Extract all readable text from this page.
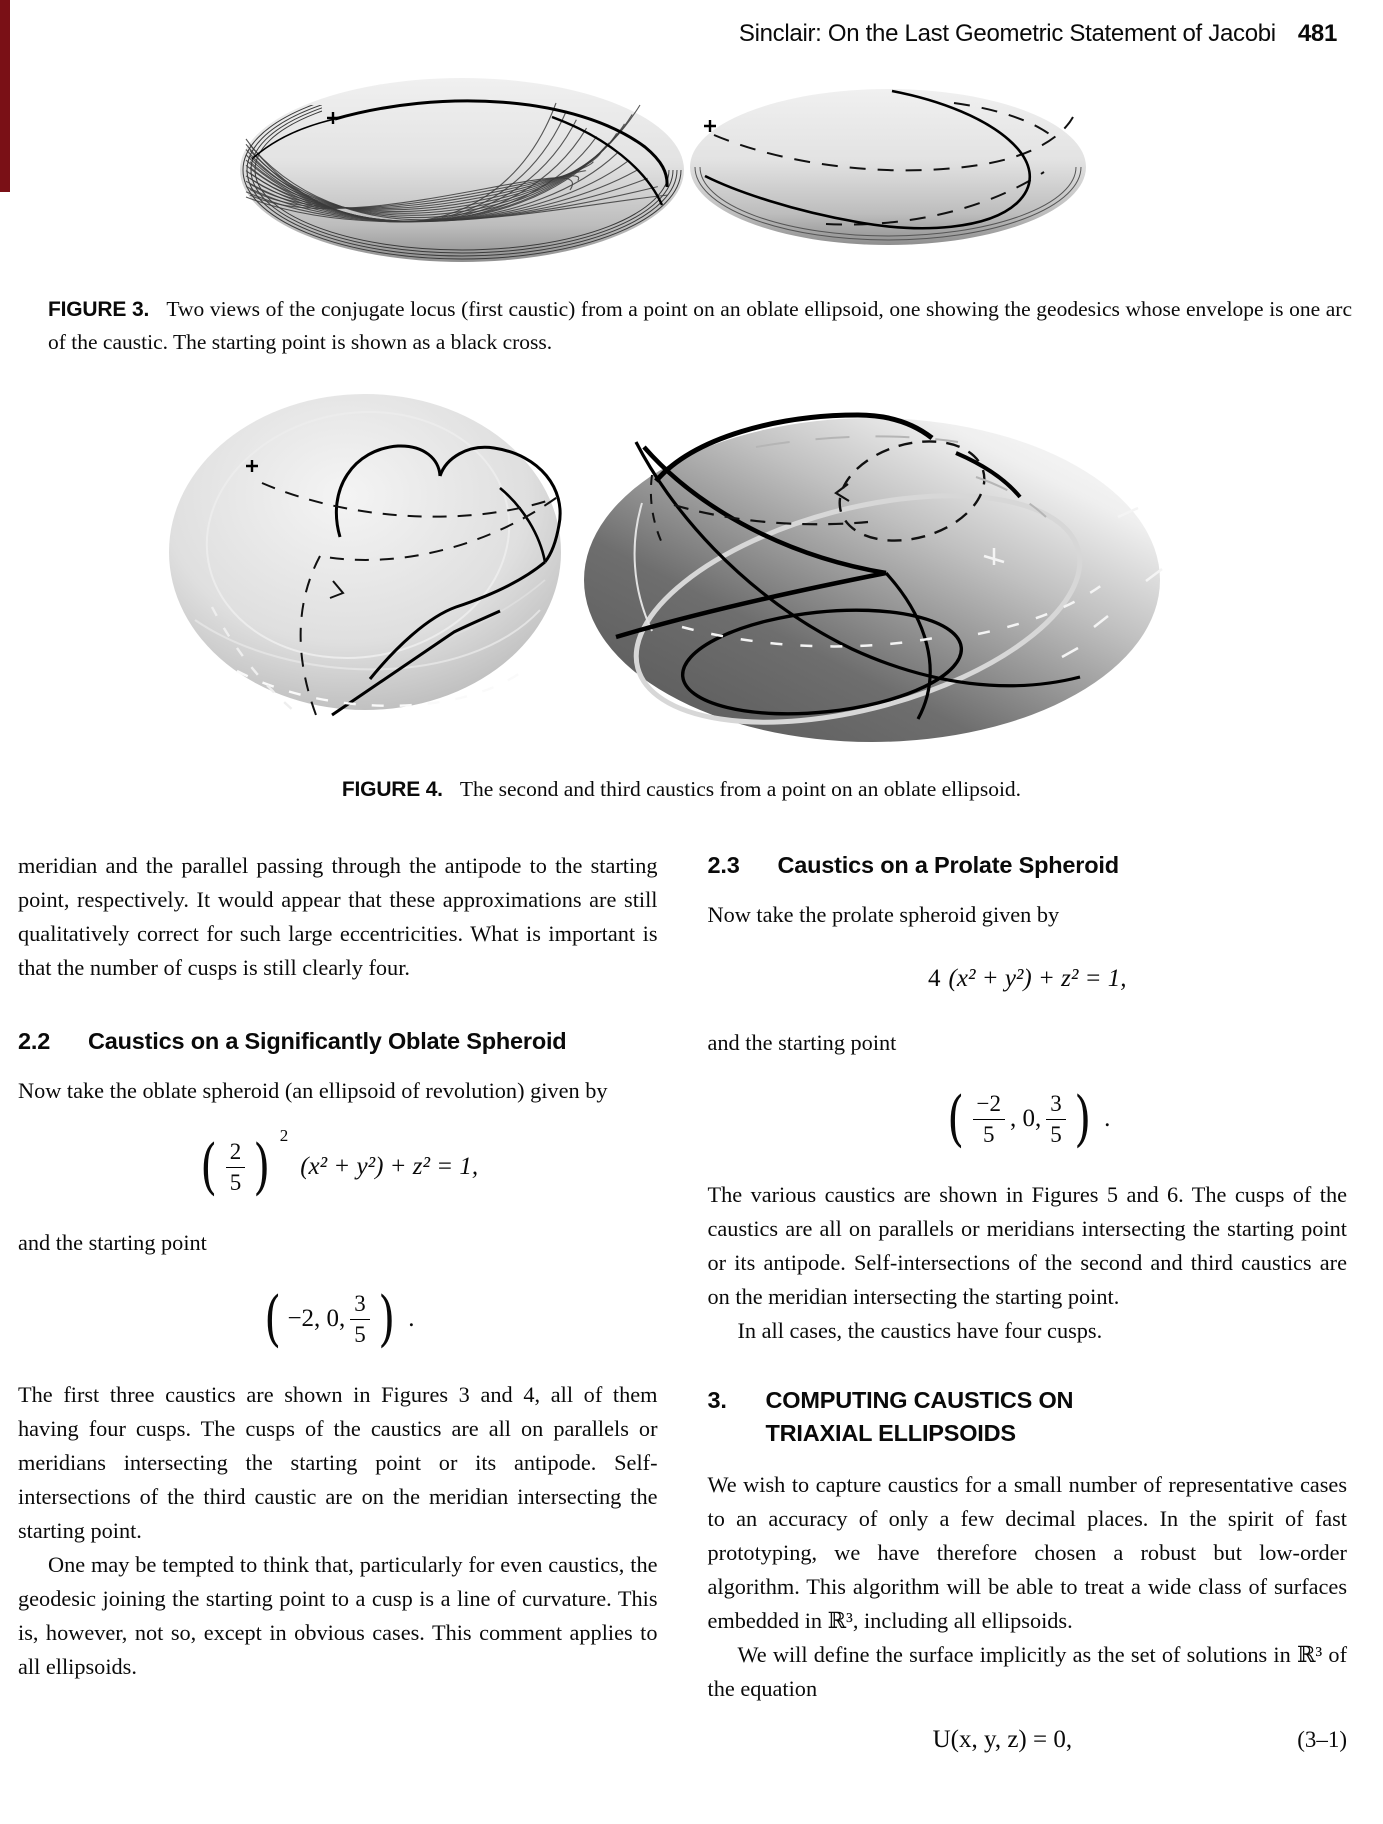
Sinclair: On the Last Geometric Statement of Jacobi 481
FIGURE 3. Two views of the conjugate locus (first caustic) from a point on an oblate ellipsoid, one showing the geodesics whose envelope is one arc of the caustic. The starting point is shown as a black cross.
FIGURE 4. The second and third caustics from a point on an oblate ellipsoid.

meridian and the parallel passing through the antipode to the starting point, respectively. It would appear that these approximations are still qualitatively correct for such large eccentricities. What is important is that the number of cusps is still clearly four.

2.2	Caustics on a Significantly Oblate Spheroid

Now take the oblate spheroid (an ellipsoid of revolution) given by

( $\frac{2}{5}$ ) 2
(x² + y²) + z² = 1,

and the starting point

( −2, 0, $\frac{3}{5}$ ) .

The first three caustics are shown in Figures 3 and 4, all of them having four cusps. The cusps of the caustics are all on parallels or meridians intersecting the starting point or its antipode. Self-intersections of the third caustic are on the meridian intersecting the starting point.

One may be tempted to think that, particularly for even caustics, the geodesic joining the starting point to a cusp is a line of curvature. This is, however, not so, except in obvious cases. This comment applies to all ellipsoids.

2.3	Caustics on a Prolate Spheroid

Now take the prolate spheroid given by

4 (x² + y²) + z² = 1,

and the starting point

( $\frac{-2}{5}$ , 0, $\frac{3}{5}$ ) .

The various caustics are shown in Figures 5 and 6. The cusps of the caustics are all on parallels or meridians intersecting the starting point or its antipode. Self-intersections of the second and third caustics are on the meridian intersecting the starting point.

In all cases, the caustics have four cusps.

3.	COMPUTING CAUSTICS ON
TRIAXIAL ELLIPSOIDS

We wish to capture caustics for a small number of representative cases to an accuracy of only a few decimal places. In the spirit of fast prototyping, we have therefore chosen a robust but low-order algorithm. This algorithm will be able to treat a wide class of surfaces embedded in ℝ³, including all ellipsoids.

We will define the surface implicitly as the set of solutions in ℝ³ of the equation

U(x, y, z) = 0,	(3–1)
